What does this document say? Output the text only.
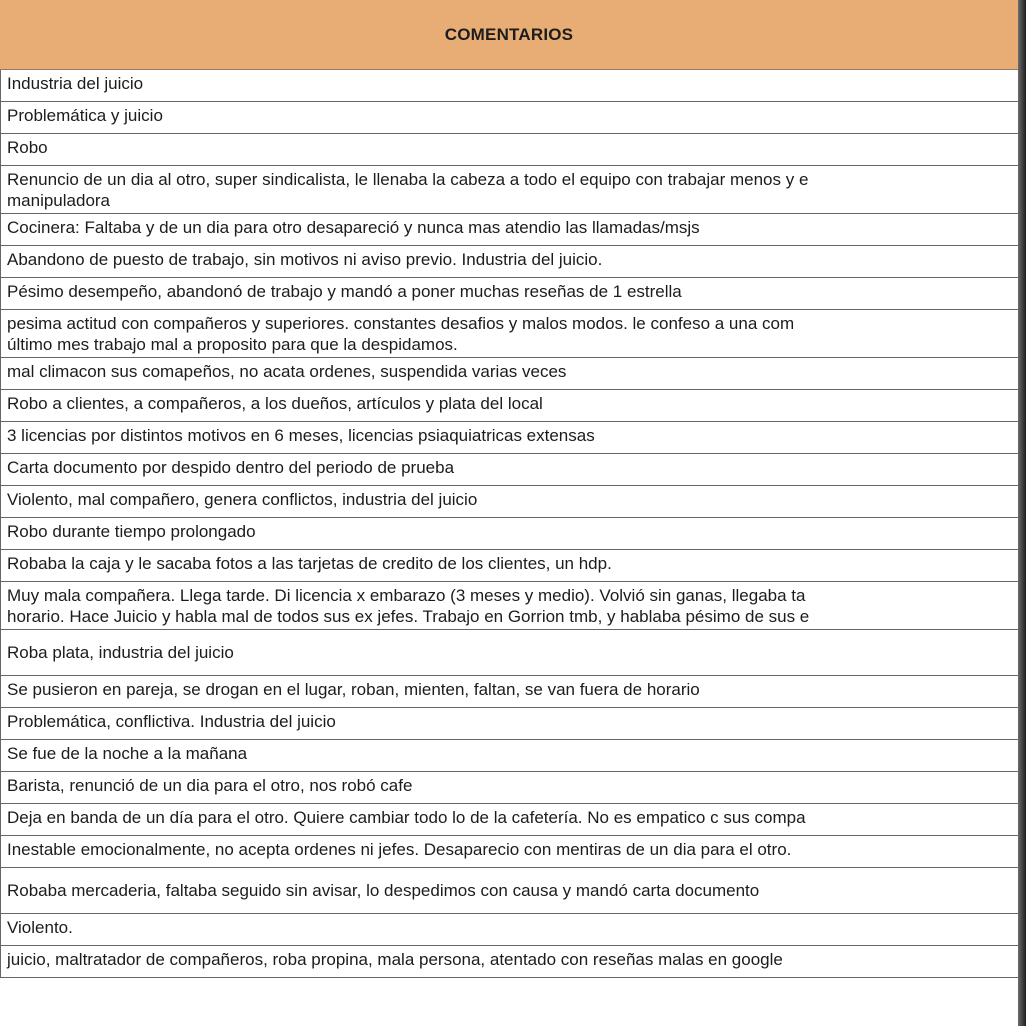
COMENTARIOS
Industria del juicio
Problemática y juicio
Robo
Renuncio de un dia al otro, super sindicalista, le llenaba la cabeza a todo el equipo con trabajar menos y e
manipuladora
Cocinera: Faltaba y de un dia para otro desapareció y nunca mas atendio las llamadas/msjs
Abandono de puesto de trabajo, sin motivos ni aviso previo. Industria del juicio.
Pésimo desempeño, abandonó de trabajo y mandó a poner muchas reseñas de 1 estrella
pesima actitud con compañeros y superiores. constantes desafios y malos modos. le confeso a una com
último mes trabajo mal a proposito para que la despidamos.
mal climacon sus comapeños, no acata ordenes, suspendida varias veces
Robo a clientes, a compañeros, a los dueños, artículos y plata del local
3 licencias por distintos motivos en 6 meses, licencias psiaquiatricas extensas
Carta documento por despido dentro del periodo de prueba
Violento, mal compañero, genera conflictos, industria del juicio
Robo durante tiempo prolongado
Robaba la caja y le sacaba fotos a las tarjetas de credito de los clientes, un hdp.
Muy mala compañera. Llega tarde. Di licencia x embarazo (3 meses y medio). Volvió sin ganas, llegaba ta
horario. Hace Juicio y habla mal de todos sus ex jefes. Trabajo en Gorrion tmb, y hablaba pésimo de sus e
Roba plata, industria del juicio
Se pusieron en pareja, se drogan en el lugar, roban, mienten, faltan, se van fuera de horario
Problemática, conflictiva. Industria del juicio
Se fue de la noche a la mañana
Barista, renunció de un dia para el otro, nos robó cafe
Deja en banda de un día para el otro. Quiere cambiar todo lo de la cafetería. No es empatico c sus compa
Inestable emocionalmente, no acepta ordenes ni jefes. Desaparecio con mentiras de un dia para el otro.
Robaba mercaderia, faltaba seguido sin avisar, lo despedimos con causa y mandó carta documento
Violento.
juicio, maltratador de compañeros, roba propina, mala persona, atentado con reseñas malas en google
